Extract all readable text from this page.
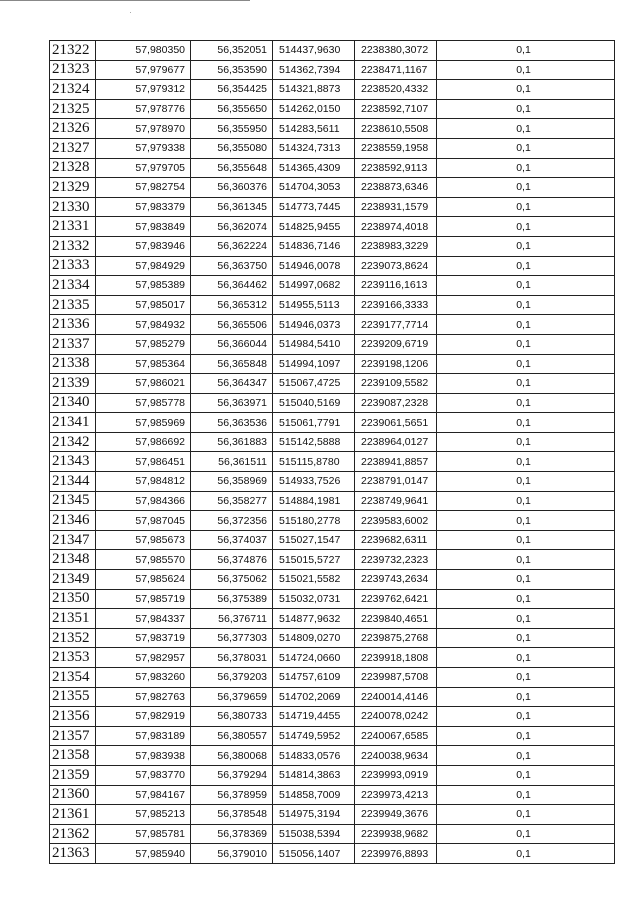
21322	57,980350	56,352051	514437,9630	2238380,3072	0,1
21323	57,979677	56,353590	514362,7394	2238471,1167	0,1
21324	57,979312	56,354425	514321,8873	2238520,4332	0,1
21325	57,978776	56,355650	514262,0150	2238592,7107	0,1
21326	57,978970	56,355950	514283,5611	2238610,5508	0,1
21327	57,979338	56,355080	514324,7313	2238559,1958	0,1
21328	57,979705	56,355648	514365,4309	2238592,9113	0,1
21329	57,982754	56,360376	514704,3053	2238873,6346	0,1
21330	57,983379	56,361345	514773,7445	2238931,1579	0,1
21331	57,983849	56,362074	514825,9455	2238974,4018	0,1
21332	57,983946	56,362224	514836,7146	2238983,3229	0,1
21333	57,984929	56,363750	514946,0078	2239073,8624	0,1
21334	57,985389	56,364462	514997,0682	2239116,1613	0,1
21335	57,985017	56,365312	514955,5113	2239166,3333	0,1
21336	57,984932	56,365506	514946,0373	2239177,7714	0,1
21337	57,985279	56,366044	514984,5410	2239209,6719	0,1
21338	57,985364	56,365848	514994,1097	2239198,1206	0,1
21339	57,986021	56,364347	515067,4725	2239109,5582	0,1
21340	57,985778	56,363971	515040,5169	2239087,2328	0,1
21341	57,985969	56,363536	515061,7791	2239061,5651	0,1
21342	57,986692	56,361883	515142,5888	2238964,0127	0,1
21343	57,986451	56,361511	515115,8780	2238941,8857	0,1
21344	57,984812	56,358969	514933,7526	2238791,0147	0,1
21345	57,984366	56,358277	514884,1981	2238749,9641	0,1
21346	57,987045	56,372356	515180,2778	2239583,6002	0,1
21347	57,985673	56,374037	515027,1547	2239682,6311	0,1
21348	57,985570	56,374876	515015,5727	2239732,2323	0,1
21349	57,985624	56,375062	515021,5582	2239743,2634	0,1
21350	57,985719	56,375389	515032,0731	2239762,6421	0,1
21351	57,984337	56,376711	514877,9632	2239840,4651	0,1
21352	57,983719	56,377303	514809,0270	2239875,2768	0,1
21353	57,982957	56,378031	514724,0660	2239918,1808	0,1
21354	57,983260	56,379203	514757,6109	2239987,5708	0,1
21355	57,982763	56,379659	514702,2069	2240014,4146	0,1
21356	57,982919	56,380733	514719,4455	2240078,0242	0,1
21357	57,983189	56,380557	514749,5952	2240067,6585	0,1
21358	57,983938	56,380068	514833,0576	2240038,9634	0,1
21359	57,983770	56,379294	514814,3863	2239993,0919	0,1
21360	57,984167	56,378959	514858,7009	2239973,4213	0,1
21361	57,985213	56,378548	514975,3194	2239949,3676	0,1
21362	57,985781	56,378369	515038,5394	2239938,9682	0,1
21363	57,985940	56,379010	515056,1407	2239976,8893	0,1
